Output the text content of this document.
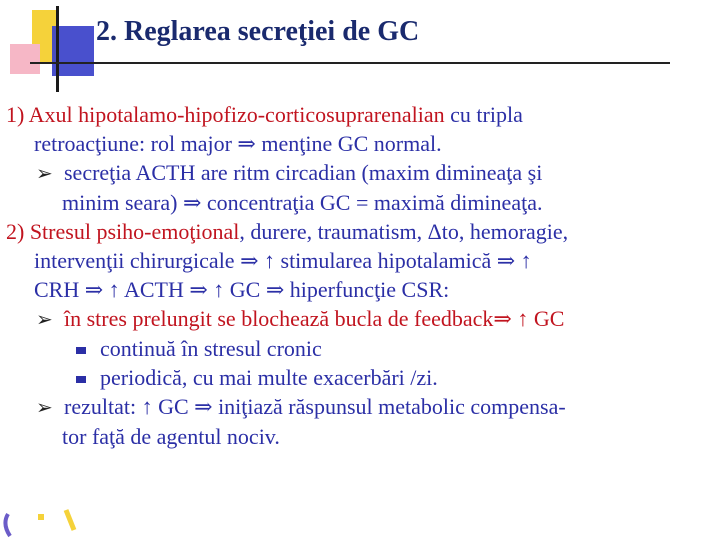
2. Reglarea secreţiei de GC

1) Axul hipotalamo-hipofizo-corticosuprarenalian cu tripla

retroacţiune: rol major ⇒ menţine GC normal.

➢ secreţia ACTH are ritm circadian (maxim dimineaţa şi

minim seara) ⇒ concentraţia GC = maximă dimineaţa.

2) Stresul psiho-emoţional, durere, traumatism, Δto, hemoragie,

intervenţii chirurgicale ⇒ ↑ stimularea hipotalamică ⇒ ↑

CRH ⇒ ↑ ACTH ⇒ ↑ GC ⇒ hiperfuncţie CSR:

➢ în stres prelungit se blochează bucla de feedback⇒ ↑ GC

continuă în stresul cronic

periodică, cu mai multe exacerbări /zi.

➢ rezultat: ↑ GC ⇒ iniţiază răspunsul metabolic compensa-

tor faţă de agentul nociv.
